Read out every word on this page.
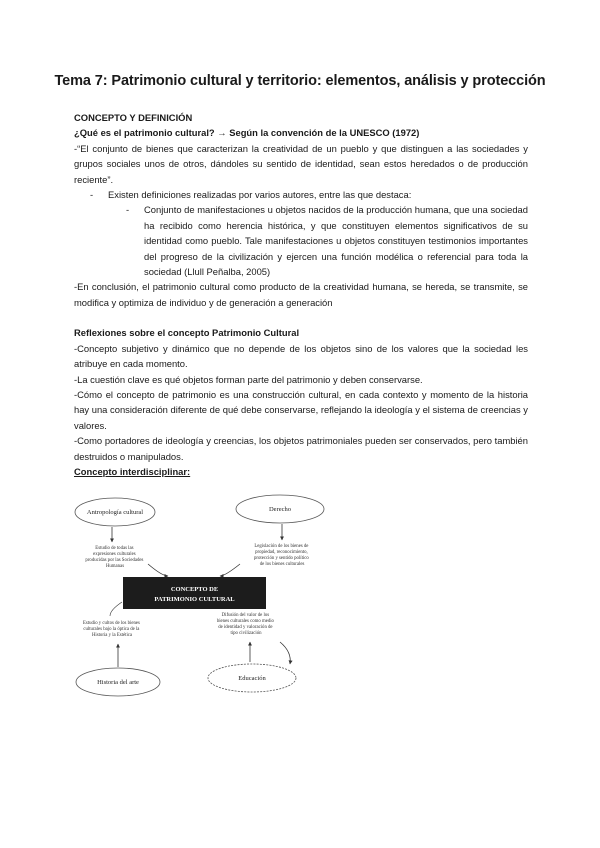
Tema 7: Patrimonio cultural y territorio: elementos, análisis y protección
CONCEPTO Y DEFINICIÓN
¿Qué es el patrimonio cultural? → Según la convención de la UNESCO (1972)
-“El conjunto de bienes que caracterizan la creatividad de un pueblo y que distinguen a las sociedades y grupos sociales unos de otros, dándoles su sentido de identidad, sean estos heredados o de producción reciente”.
- Existen definiciones realizadas por varios autores, entre las que destaca:
- Conjunto de manifestaciones u objetos nacidos de la producción humana, que una sociedad ha recibido como herencia histórica, y que constituyen elementos significativos de su identidad como pueblo. Tale manifestaciones u objetos constituyen testimonios importantes del progreso de la civilización y ejercen una función modélica o referencial para toda la sociedad (Llull Peñalba, 2005)
-En conclusión, el patrimonio cultural como producto de la creatividad humana, se hereda, se transmite, se modifica y optimiza de individuo y de generación a generación
Reflexiones sobre el concepto Patrimonio Cultural
-Concepto subjetivo y dinámico que no depende de los objetos sino de los valores que la sociedad les atribuye en cada momento.
-La cuestión clave es qué objetos forman parte del patrimonio y deben conservarse.
-Cómo el concepto de patrimonio es una construcción cultural, en cada contexto y momento de la historia hay una consideración diferente de qué debe conservarse, reflejando la ideología y el sistema de creencias y valores.
-Como portadores de ideología y creencias, los objetos patrimoniales pueden ser conservados, pero también destruidos o manipulados.
Concepto interdisciplinar:
Antropología cultural	Derecho
Estudio de todas las expresiones culturales producidas por las Sociedades Humanas
Legislación de los bienes de propiedad, reconocimiento, protección y sentido político de los bienes culturales
CONCEPTO DE
PATRIMONIO CULTURAL
Estudio y cultos de los bienes culturales bajo la óptica de la Historia y la Estética
Difusión del valor de los bienes culturales como medio de identidad y valoración de tipo civilización
Historia del arte
Educación
